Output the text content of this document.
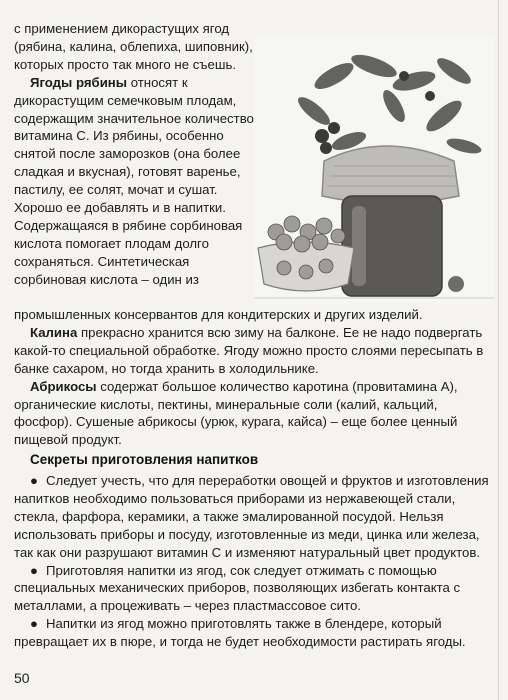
с применением дикорастущих ягод (рябина, калина, облепиха, шиповник), которых просто так много не съешь.

Ягоды рябины относят к дикорастущим семечковым плодам, содержащим значительное количество витамина С. Из рябины, особенно снятой после заморозков (она более сладкая и вкусная), готовят варенье, пастилу, ее солят, мочат и сушат. Хорошо ее добавлять и в напитки. Содержащаяся в рябине сорбиновая кислота помогает плодам долго сохраняться. Синтетическая сорбиновая кислота – один из

промышленных консервантов для кондитерских и других изделий.

Калина прекрасно хранится всю зиму на балконе. Ее не надо подвергать какой-то специальной обработке. Ягоду можно просто слоями пересыпать в банке сахаром, но тогда хранить в холодильнике.

Абрикосы содержат большое количество каротина (провитамина А), органические кислоты, пектины, минеральные соли (калий, кальций, фосфор). Сушеные абрикосы (урюк, курага, кайса) – еще более ценный пищевой продукт.

Секреты приготовления напитков

● Следует учесть, что для переработки овощей и фруктов и изготовления напитков необходимо пользоваться приборами из нержавеющей стали, стекла, фарфора, керамики, а также эмалированной посудой. Нельзя использовать приборы и посуду, изготовленные из меди, цинка или железа, так как они разрушают витамин С и изменяют натуральный цвет продуктов.

● Приготовляя напитки из ягод, сок следует отжимать с помощью специальных механических приборов, позволяющих избегать контакта с металлами, а процеживать – через пластмассовое сито.

● Напитки из ягод можно приготовлять также в блендере, который превращает их в пюре, и тогда не будет необходимости растирать ягоды.

50
